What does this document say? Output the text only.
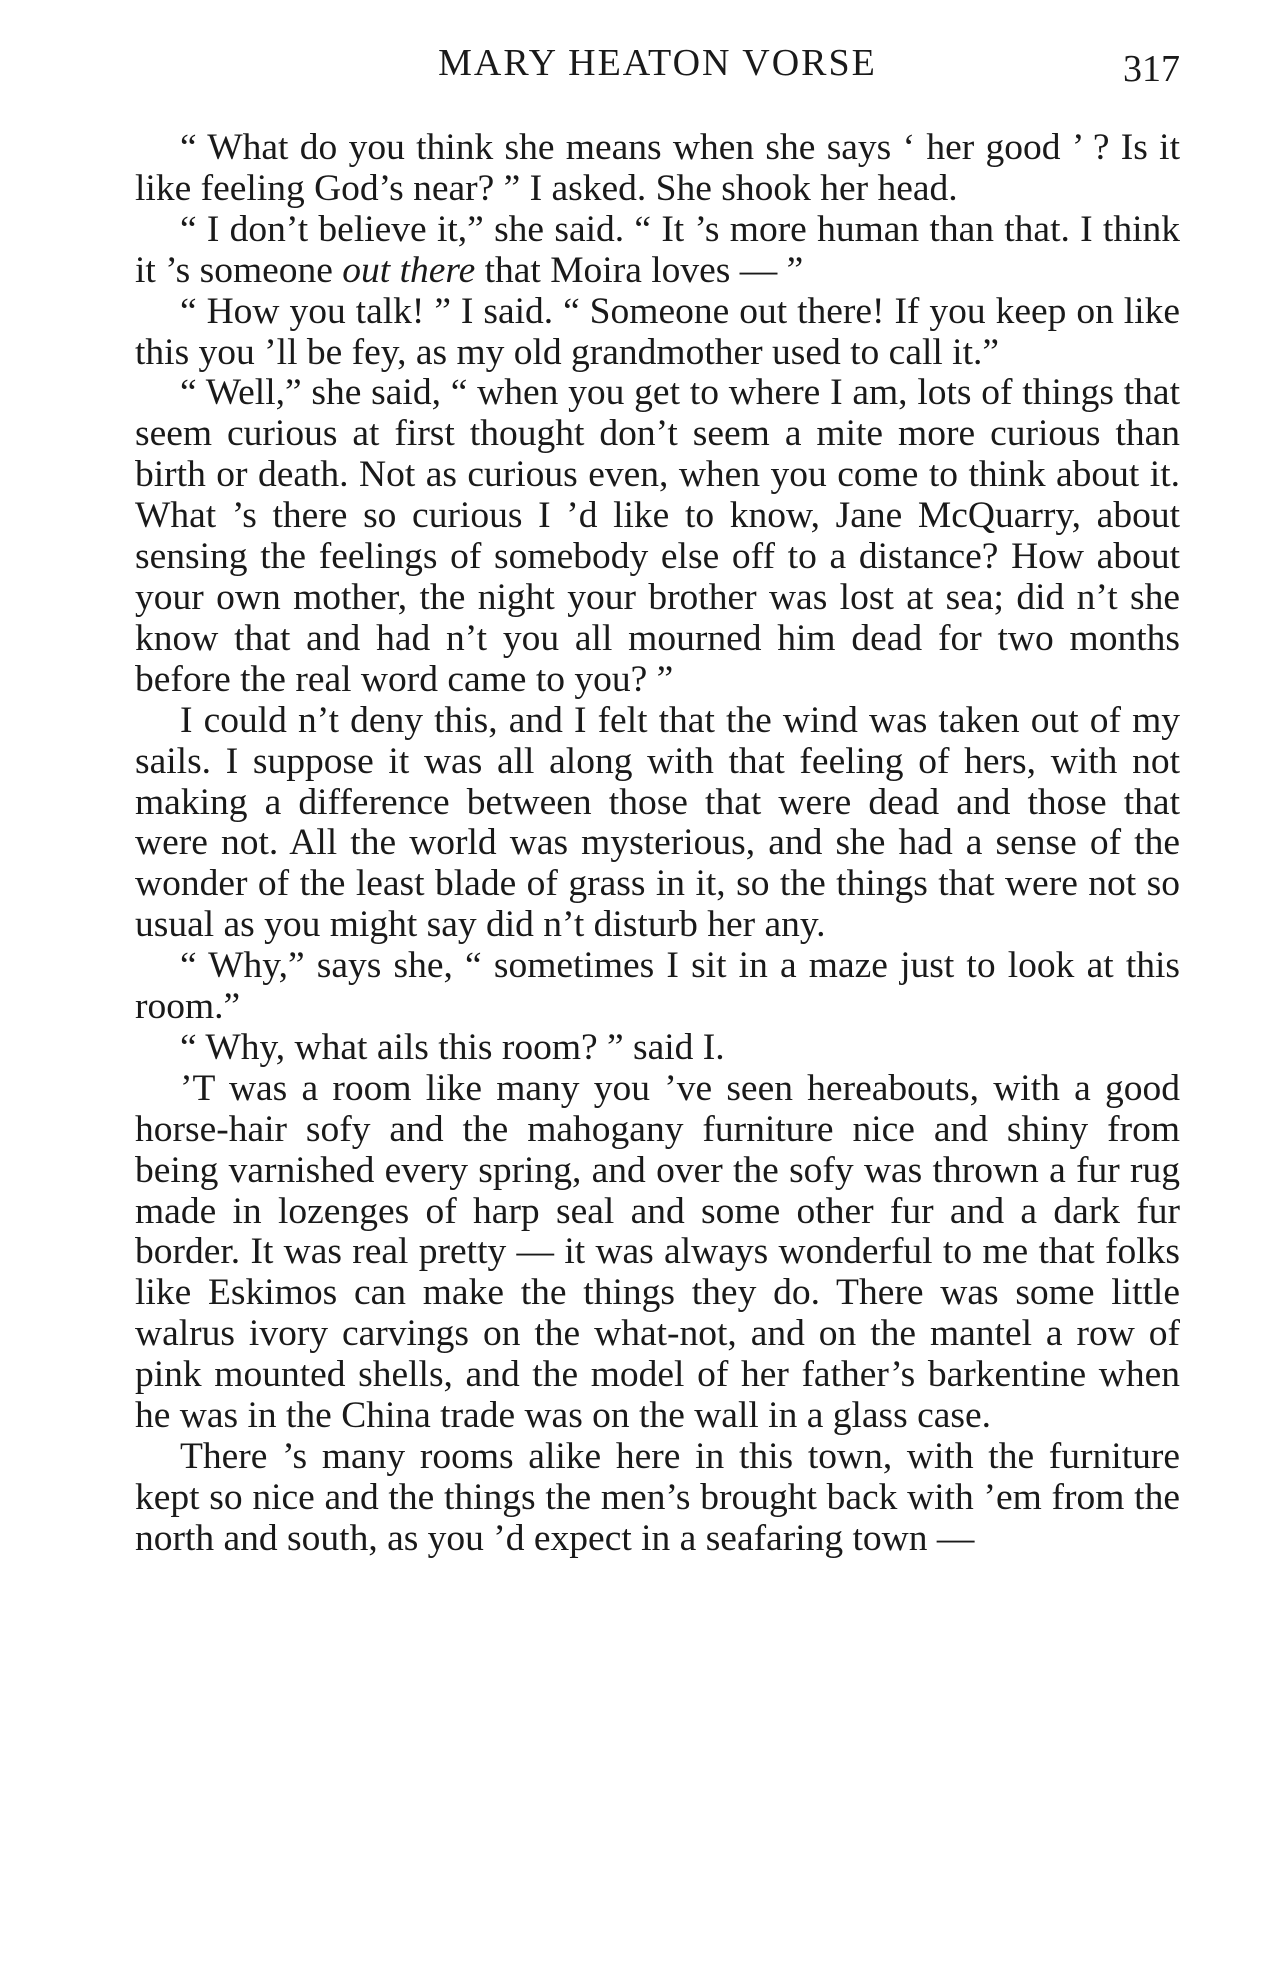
MARY HEATON VORSE	317

“ What do you think she means when she says ‘ her good ’ ? Is it like feeling God’s near? ” I asked. She shook her head.

“ I don’t believe it,” she said. “ It ’s more human than that. I think it ’s someone out there that Moira loves — ”

“ How you talk! ” I said. “ Someone out there! If you keep on like this you ’ll be fey, as my old grandmother used to call it.”

“ Well,” she said, “ when you get to where I am, lots of things that seem curious at first thought don’t seem a mite more curious than birth or death. Not as curious even, when you come to think about it. What ’s there so curious I ’d like to know, Jane McQuarry, about sensing the feelings of somebody else off to a distance? How about your own mother, the night your brother was lost at sea; did n’t she know that and had n’t you all mourned him dead for two months before the real word came to you? ”

I could n’t deny this, and I felt that the wind was taken out of my sails. I suppose it was all along with that feeling of hers, with not making a difference between those that were dead and those that were not. All the world was mysterious, and she had a sense of the wonder of the least blade of grass in it, so the things that were not so usual as you might say did n’t disturb her any.

“ Why,” says she, “ sometimes I sit in a maze just to look at this room.”

“ Why, what ails this room? ” said I.

’T was a room like many you ’ve seen hereabouts, with a good horse-hair sofy and the mahogany furniture nice and shiny from being varnished every spring, and over the sofy was thrown a fur rug made in lozenges of harp seal and some other fur and a dark fur border. It was real pretty — it was always wonderful to me that folks like Eskimos can make the things they do. There was some little walrus ivory carvings on the what-not, and on the mantel a row of pink mounted shells, and the model of her father’s barkentine when he was in the China trade was on the wall in a glass case.

There ’s many rooms alike here in this town, with the furniture kept so nice and the things the men’s brought back with ’em from the north and south, as you ’d expect in a seafaring town —
